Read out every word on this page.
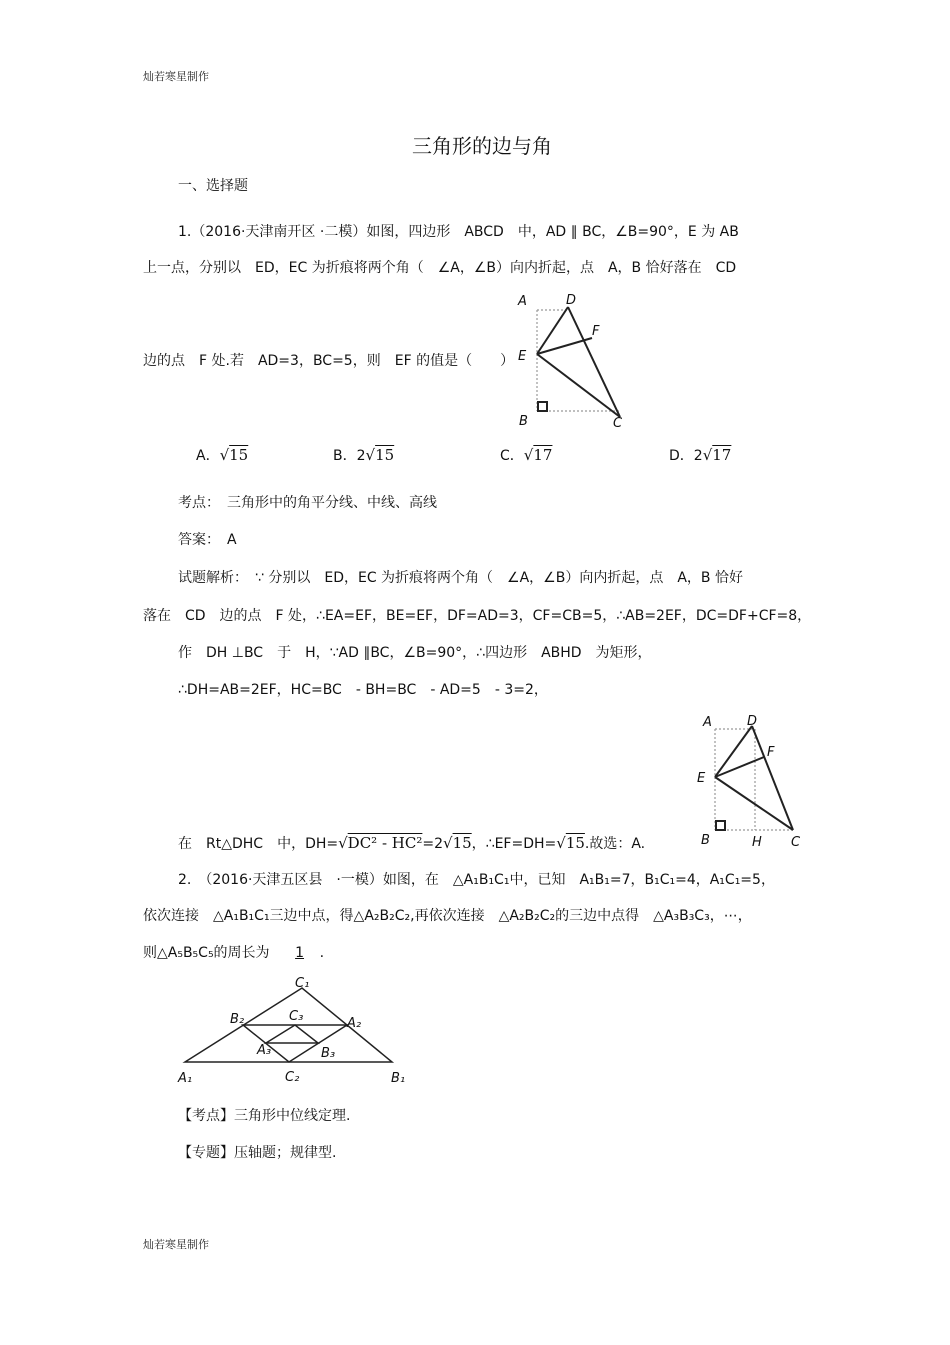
灿若寒星制作
三角形的边与角
一、选择题
1.（2016·天津南开区 ·二模）如图，四边形　ABCD　中，AD ∥ BC，∠B=90°，E 为 AB
上一点，分别以　ED，EC 为折痕将两个角（　∠A，∠B）向内折起，点　A，B 恰好落在　CD
边的点　F 处.若　AD=3，BC=5，则　EF 的值是（　　）
A	D
F
E
B	C
A．√15	B．2√15	C．√17	D．2√17
考点：　三角形中的角平分线、中线、高线
答案：　A
试题解析：　∵ 分别以　ED，EC 为折痕将两个角（　∠A，∠B）向内折起，点　A，B 恰好
落在　CD　边的点　F 处，∴EA=EF，BE=EF，DF=AD=3，CF=CB=5，∴AB=2EF，DC=DF+CF=8，
作　DH ⊥BC　于　H，∵AD ∥BC，∠B=90°，∴四边形　ABHD　为矩形，
∴DH=AB=2EF，HC=BC　- BH=BC　- AD=5　- 3=2，
A	D
F
E
B	H C
在　Rt△DHC　中，DH=√DC² - HC²=2√15，∴EF=DH=√15.故选：A.
2.　（2016·天津五区县　·一模）如图，在　△A₁B₁C₁中，已知　A₁B₁=7，B₁C₁=4，A₁C₁=5，
依次连接　△A₁B₁C₁三边中点，得△A₂B₂C₂,再依次连接　△A₂B₂C₂的三边中点得　△A₃B₃C₃，⋯，
则△A₅B₅C₅的周长为 1 .
C₁
B₂	C₃	A₂
A₃	B₃
A₁	C₂	B₁
【考点】三角形中位线定理.
【专题】压轴题；规律型.
灿若寒星制作
